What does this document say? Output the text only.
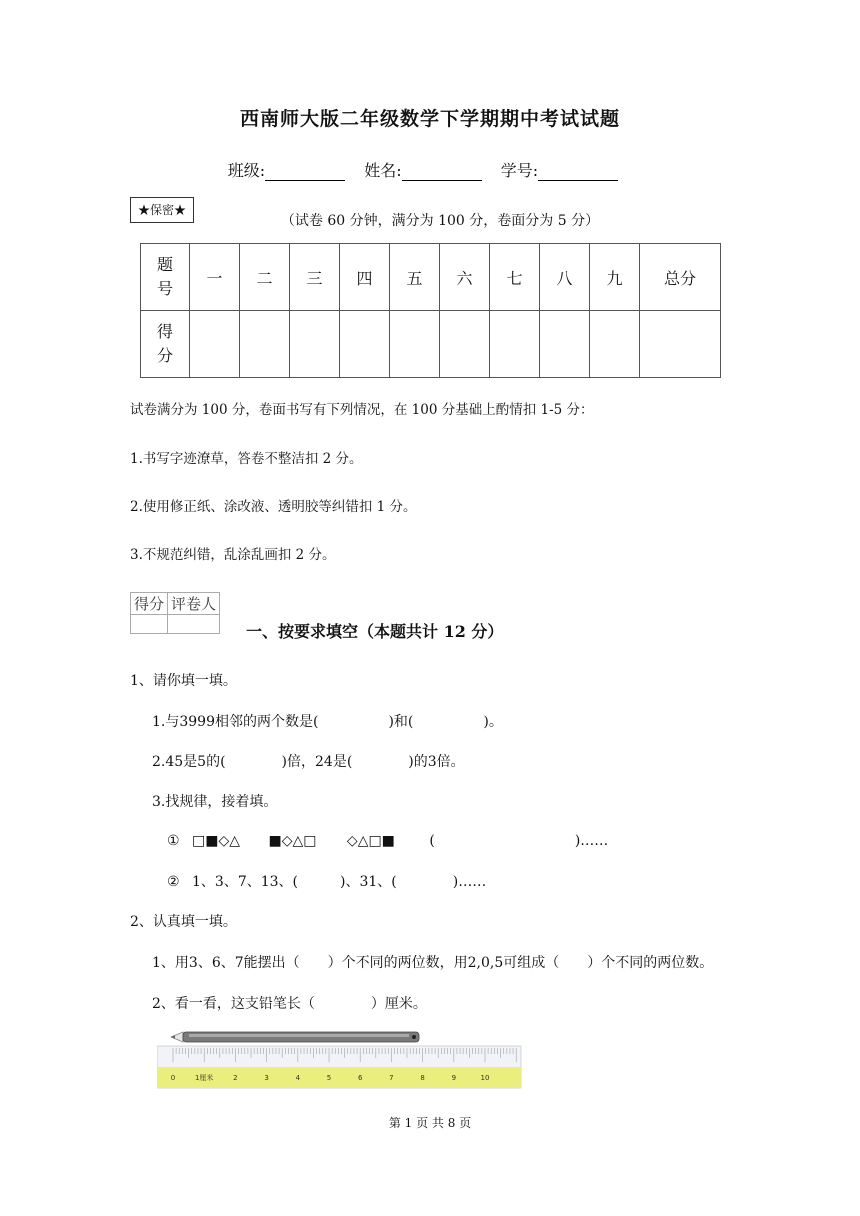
西南师大版二年级数学下学期期中考试试题
班级:	姓名:	学号:
★保密★
（试卷 60 分钟，满分为 100 分，卷面分为 5 分）
题
号	一	二	三	四	五	六	七	八	九	总分
得
分										
试卷满分为 100 分，卷面书写有下列情况，在 100 分基础上酌情扣 1-5 分：
1.书写字迹潦草，答卷不整洁扣 2 分。
2.使用修正纸、涂改液、透明胶等纠错扣 1 分。
3.不规范纠错，乱涂乱画扣 2 分。
得分	评卷人

一、按要求填空（本题共计 12 分）
1、请你填一填。
1.与3999相邻的两个数是(　　　　　)和(　　　　　)。
2.45是5的(　　　　)倍，24是(　　　　)的3倍。
3.找规律，接着填。
① □■◇△ ■◇△□ ◇△□■ (　　　　　　　　　　)……
② 1、3、7、13、(　　　)、31、(　　　　)……
2、认真填一填。
1、用3、6、7能摆出（　　）个不同的两位数，用2,0,5可组成（　　）个不同的两位数。
2、看一看，这支铅笔长（　　　　）厘米。
0	1厘米	2	3	4	5	6	7	8	9	10
第 1 页 共 8 页
